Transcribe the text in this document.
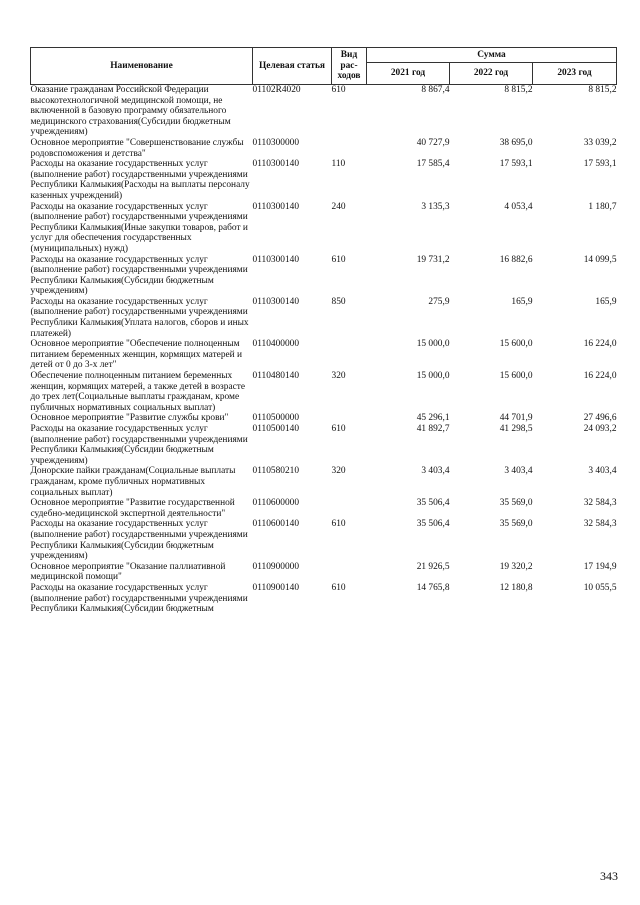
Наименование	Целевая статья	Вид рас-ходов	Сумма		
			2021 год	2022 год	2023 год
Оказание гражданам Российской Федерации высокотехнологичной медицинской помощи, не включенной в базовую программу обязательного медицинского страхования(Субсидии бюджетным учреждениям)	01102R4020	610	8 867,4	8 815,2	8 815,2
Основное мероприятие "Совершенствование службы родовспоможения и детства"	0110300000		40 727,9	38 695,0	33 039,2
Расходы на оказание государственных услуг (выполнение работ) государственными учреждениями Республики Калмыкия(Расходы на выплаты персоналу казенных учреждений)	0110300140	110	17 585,4	17 593,1	17 593,1
Расходы на оказание государственных услуг (выполнение работ) государственными учреждениями Республики Калмыкия(Иные закупки товаров, работ и услуг для обеспечения государственных (муниципальных) нужд)	0110300140	240	3 135,3	4 053,4	1 180,7
Расходы на оказание государственных услуг (выполнение работ) государственными учреждениями Республики Калмыкия(Субсидии бюджетным учреждениям)	0110300140	610	19 731,2	16 882,6	14 099,5
Расходы на оказание государственных услуг (выполнение работ) государственными учреждениями Республики Калмыкия(Уплата налогов, сборов и иных платежей)	0110300140	850	275,9	165,9	165,9
Основное мероприятие "Обеспечение полноценным питанием беременных женщин, кормящих матерей и детей от 0 до 3-х лет"	0110400000		15 000,0	15 600,0	16 224,0
Обеспечение полноценным питанием беременных женщин, кормящих матерей, а также детей в возрасте до трех лет(Социальные выплаты гражданам, кроме публичных нормативных социальных выплат)	0110480140	320	15 000,0	15 600,0	16 224,0
Основное мероприятие "Развитие службы крови"	0110500000		45 296,1	44 701,9	27 496,6
Расходы на оказание государственных услуг (выполнение работ) государственными учреждениями Республики Калмыкия(Субсидии бюджетным учреждениям)	0110500140	610	41 892,7	41 298,5	24 093,2
Донорские пайки гражданам(Социальные выплаты гражданам, кроме публичных нормативных социальных выплат)	0110580210	320	3 403,4	3 403,4	3 403,4
Основное мероприятие "Развитие государственной судебно-медицинской экспертной деятельности"	0110600000		35 506,4	35 569,0	32 584,3
Расходы на оказание государственных услуг (выполнение работ) государственными учреждениями Республики Калмыкия(Субсидии бюджетным учреждениям)	0110600140	610	35 506,4	35 569,0	32 584,3
Основное мероприятие "Оказание паллиативной медицинской помощи"	0110900000		21 926,5	19 320,2	17 194,9
Расходы на оказание государственных услуг (выполнение работ) государственными учреждениями Республики Калмыкия(Субсидии бюджетным	0110900140	610	14 765,8	12 180,8	10 055,5
343
